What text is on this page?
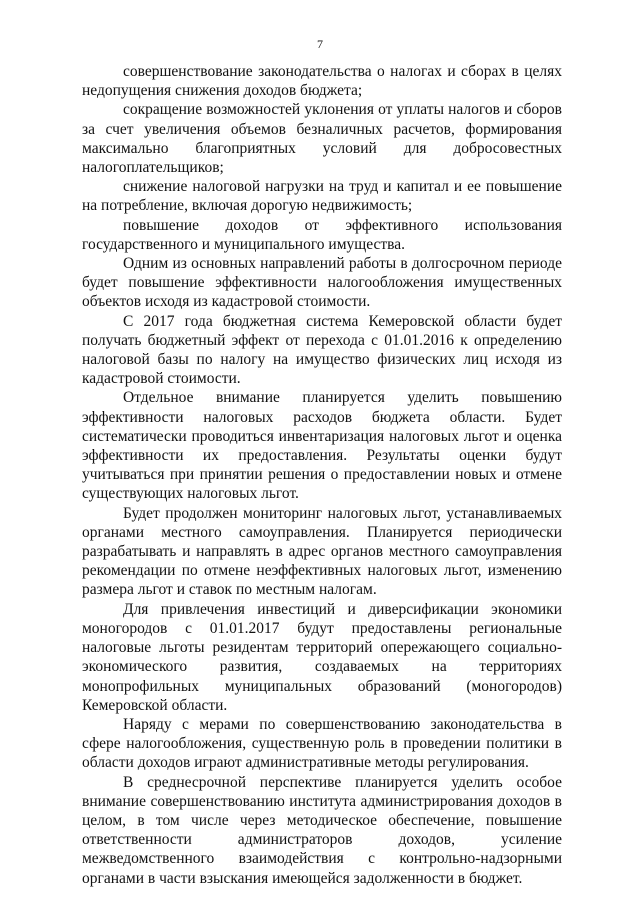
7

совершенствование законодательства о налогах и сборах в целях недопущения снижения доходов бюджета;

сокращение возможностей уклонения от уплаты налогов и сборов за счет увеличения объемов безналичных расчетов, формирования максимально благоприятных условий для добросовестных налогоплательщиков;

снижение налоговой нагрузки на труд и капитал и ее повышение на потребление, включая дорогую недвижимость;

повышение доходов от эффективного использования государственного и муниципального имущества.

Одним из основных направлений работы в долгосрочном периоде будет повышение эффективности налогообложения имущественных объектов исходя из кадастровой стоимости.

С 2017 года бюджетная система Кемеровской области будет получать бюджетный эффект от перехода с 01.01.2016 к определению налоговой базы по налогу на имущество физических лиц исходя из кадастровой стоимости.

Отдельное внимание планируется уделить повышению эффективности налоговых расходов бюджета области. Будет систематически проводиться инвентаризация налоговых льгот и оценка эффективности их предоставления. Результаты оценки будут учитываться при принятии решения о предоставлении новых и отмене существующих налоговых льгот.

Будет продолжен мониторинг налоговых льгот, устанавливаемых органами местного самоуправления. Планируется периодически разрабатывать и направлять в адрес органов местного самоуправления рекомендации по отмене неэффективных налоговых льгот, изменению размера льгот и ставок по местным налогам.

Для привлечения инвестиций и диверсификации экономики моногородов с 01.01.2017 будут предоставлены региональные налоговые льготы резидентам территорий опережающего социально-экономического развития, создаваемых на территориях монопрофильных муниципальных образований (моногородов) Кемеровской области.

Наряду с мерами по совершенствованию законодательства в сфере налогообложения, существенную роль в проведении политики в области доходов играют административные методы регулирования.

В среднесрочной перспективе планируется уделить особое внимание совершенствованию института администрирования доходов в целом, в том числе через методическое обеспечение, повышение ответственности администраторов доходов, усиление межведомственного взаимодействия с контрольно-надзорными органами в части взыскания имеющейся задолженности в бюджет.
